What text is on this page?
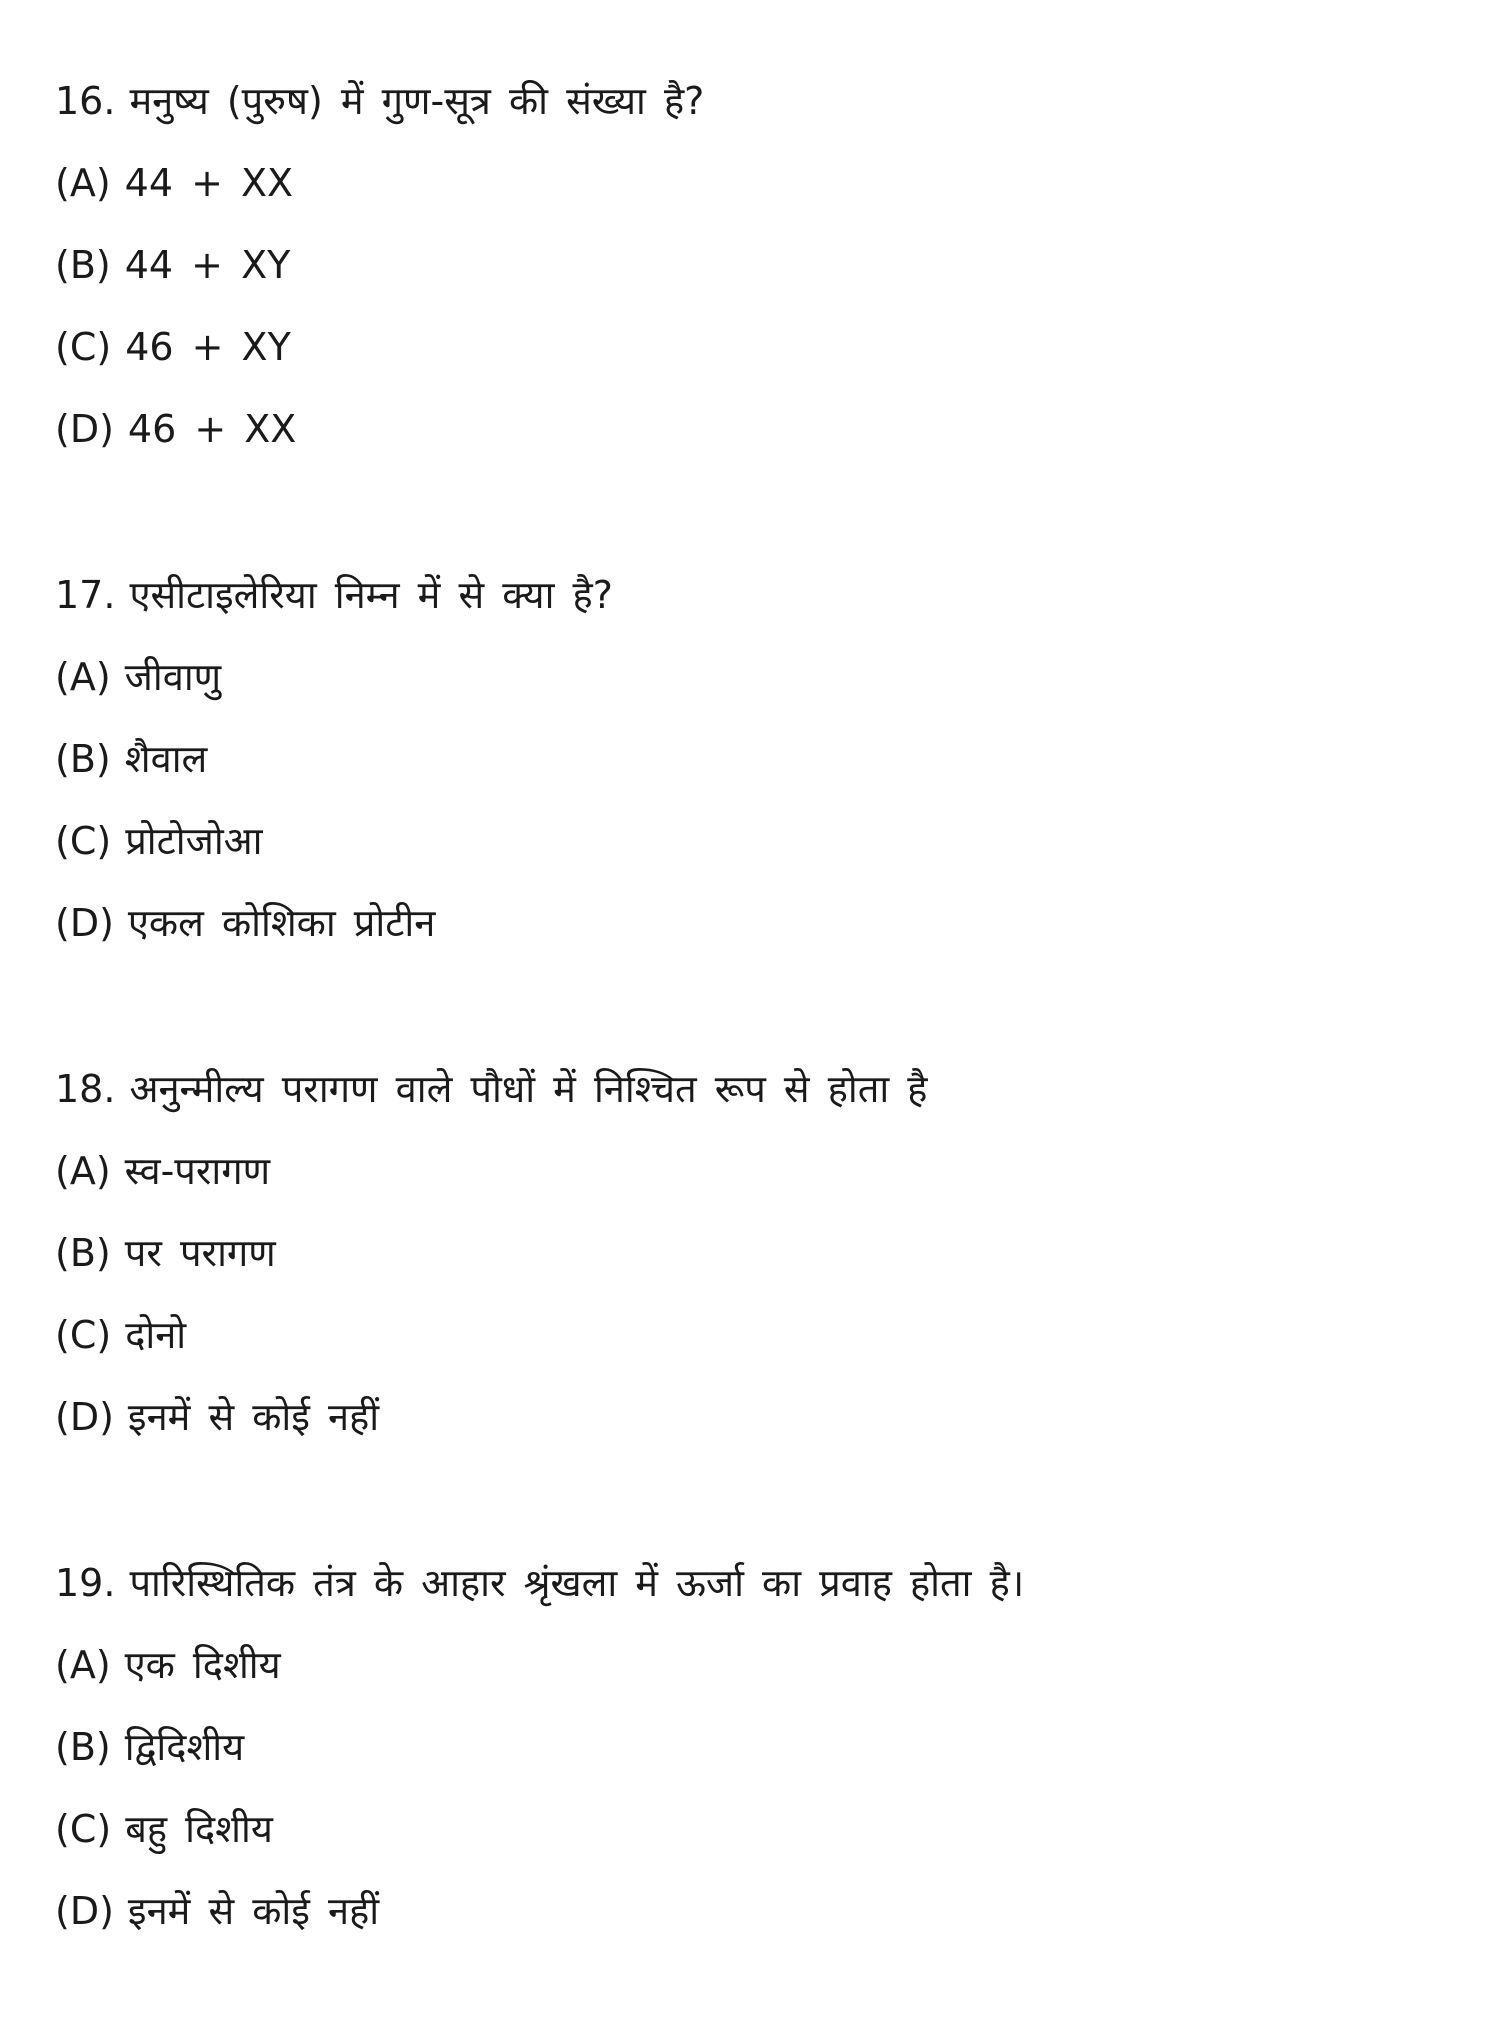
16. मनुष्य (पुरुष) में गुण-सूत्र की संख्या है?
(A) 44 + XX
(B) 44 + XY
(C) 46 + XY
(D) 46 + XX
17. एसीटाइलेरिया निम्न में से क्या है?
(A) जीवाणु
(B) शैवाल
(C) प्रोटोजोआ
(D) एकल कोशिका प्रोटीन
18. अनुन्मील्य परागण वाले पौधों में निश्चित रूप से होता है
(A) स्व-परागण
(B) पर परागण
(C) दोनो
(D) इनमें से कोई नहीं
19. पारिस्थितिक तंत्र के आहार श्रृंखला में ऊर्जा का प्रवाह होता है।
(A) एक दिशीय
(B) द्विदिशीय
(C) बहु दिशीय
(D) इनमें से कोई नहीं
